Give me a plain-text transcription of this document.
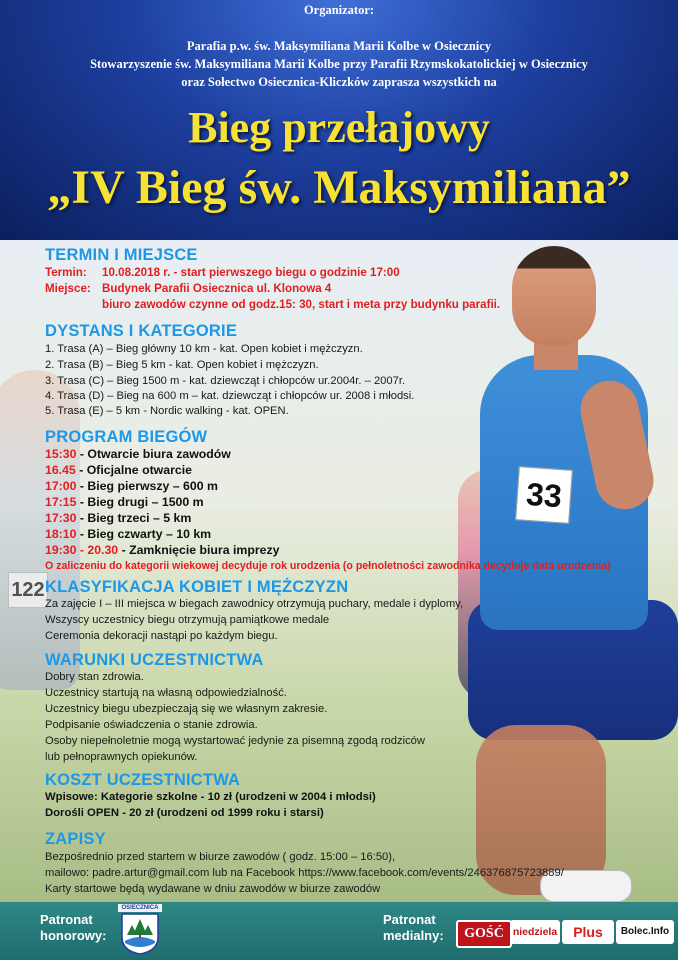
Organizator:
Parafia p.w. św. Maksymiliana Marii Kolbe w Osiecznicy
Stowarzyszenie św. Maksymiliana Marii Kolbe przy Parafii Rzymskokatolickiej w Osiecznicy
oraz Sołectwo Osiecznica-Kliczków zaprasza wszystkich na
Bieg przełajowy
„IV Bieg św. Maksymiliana”
122
33
TERMIN I MIEJSCE
Termin: 10.08.2018 r. - start pierwszego biegu o godzinie 17:00
Miejsce: Budynek Parafii Osiecznica ul. Klonowa 4
biuro zawodów czynne od godz.15: 30, start i meta przy budynku parafii.
DYSTANS I KATEGORIE
1. Trasa (A) – Bieg główny 10 km - kat. Open kobiet i mężczyzn.
2. Trasa (B) – Bieg 5 km - kat. Open kobiet i mężczyzn.
3. Trasa (C) – Bieg 1500 m - kat. dziewcząt i chłopców ur.2004r. – 2007r.
4. Trasa (D) – Bieg na 600 m – kat. dziewcząt i chłopców ur. 2008 i młodsi.
5. Trasa (E) – 5 km - Nordic walking - kat. OPEN.
PROGRAM BIEGÓW
15:30 - Otwarcie biura zawodów
16.45 - Oficjalne otwarcie
17:00 - Bieg pierwszy – 600 m
17:15 - Bieg drugi – 1500 m
17:30 - Bieg trzeci – 5 km
18:10 - Bieg czwarty – 10 km
19:30 - 20.30 - Zamknięcie biura imprezy
O zaliczeniu do kategorii wiekowej decyduje rok urodzenia (o pełnoletności zawodnika decyduje data urodzenia)
KLASYFIKACJA KOBIET I MĘŻCZYZN
Za zajęcie I – III miejsca w biegach zawodnicy otrzymują puchary, medale i dyplomy,
Wszyscy uczestnicy biegu otrzymują pamiątkowe medale
Ceremonia dekoracji nastąpi po każdym biegu.
WARUNKI UCZESTNICTWA
Dobry stan zdrowia.
Uczestnicy startują na własną odpowiedzialność.
Uczestnicy biegu ubezpieczają się we własnym zakresie.
Podpisanie oświadczenia o stanie zdrowia.
Osoby niepełnoletnie mogą wystartować jedynie za pisemną zgodą rodziców
lub pełnoprawnych opiekunów.
KOSZT UCZESTNICTWA
Wpisowe: Kategorie szkolne - 10 zł (urodzeni w 2004 i młodsi)
Dorośli OPEN - 20 zł (urodzeni od 1999 roku i starsi)
ZAPISY
Bezpośrednio przed startem w biurze zawodów ( godz. 15:00 – 16:50),
mailowo: padre.artur@gmail.com lub na Facebook https://www.facebook.com/events/246376875723889/
Karty startowe będą wydawane w dniu zawodów w biurze zawodów
Patronat
honorowy:
OSIECZNICA
Patronat
medialny:	GOŚĆ niedziela	Plus	Bolec.Info
